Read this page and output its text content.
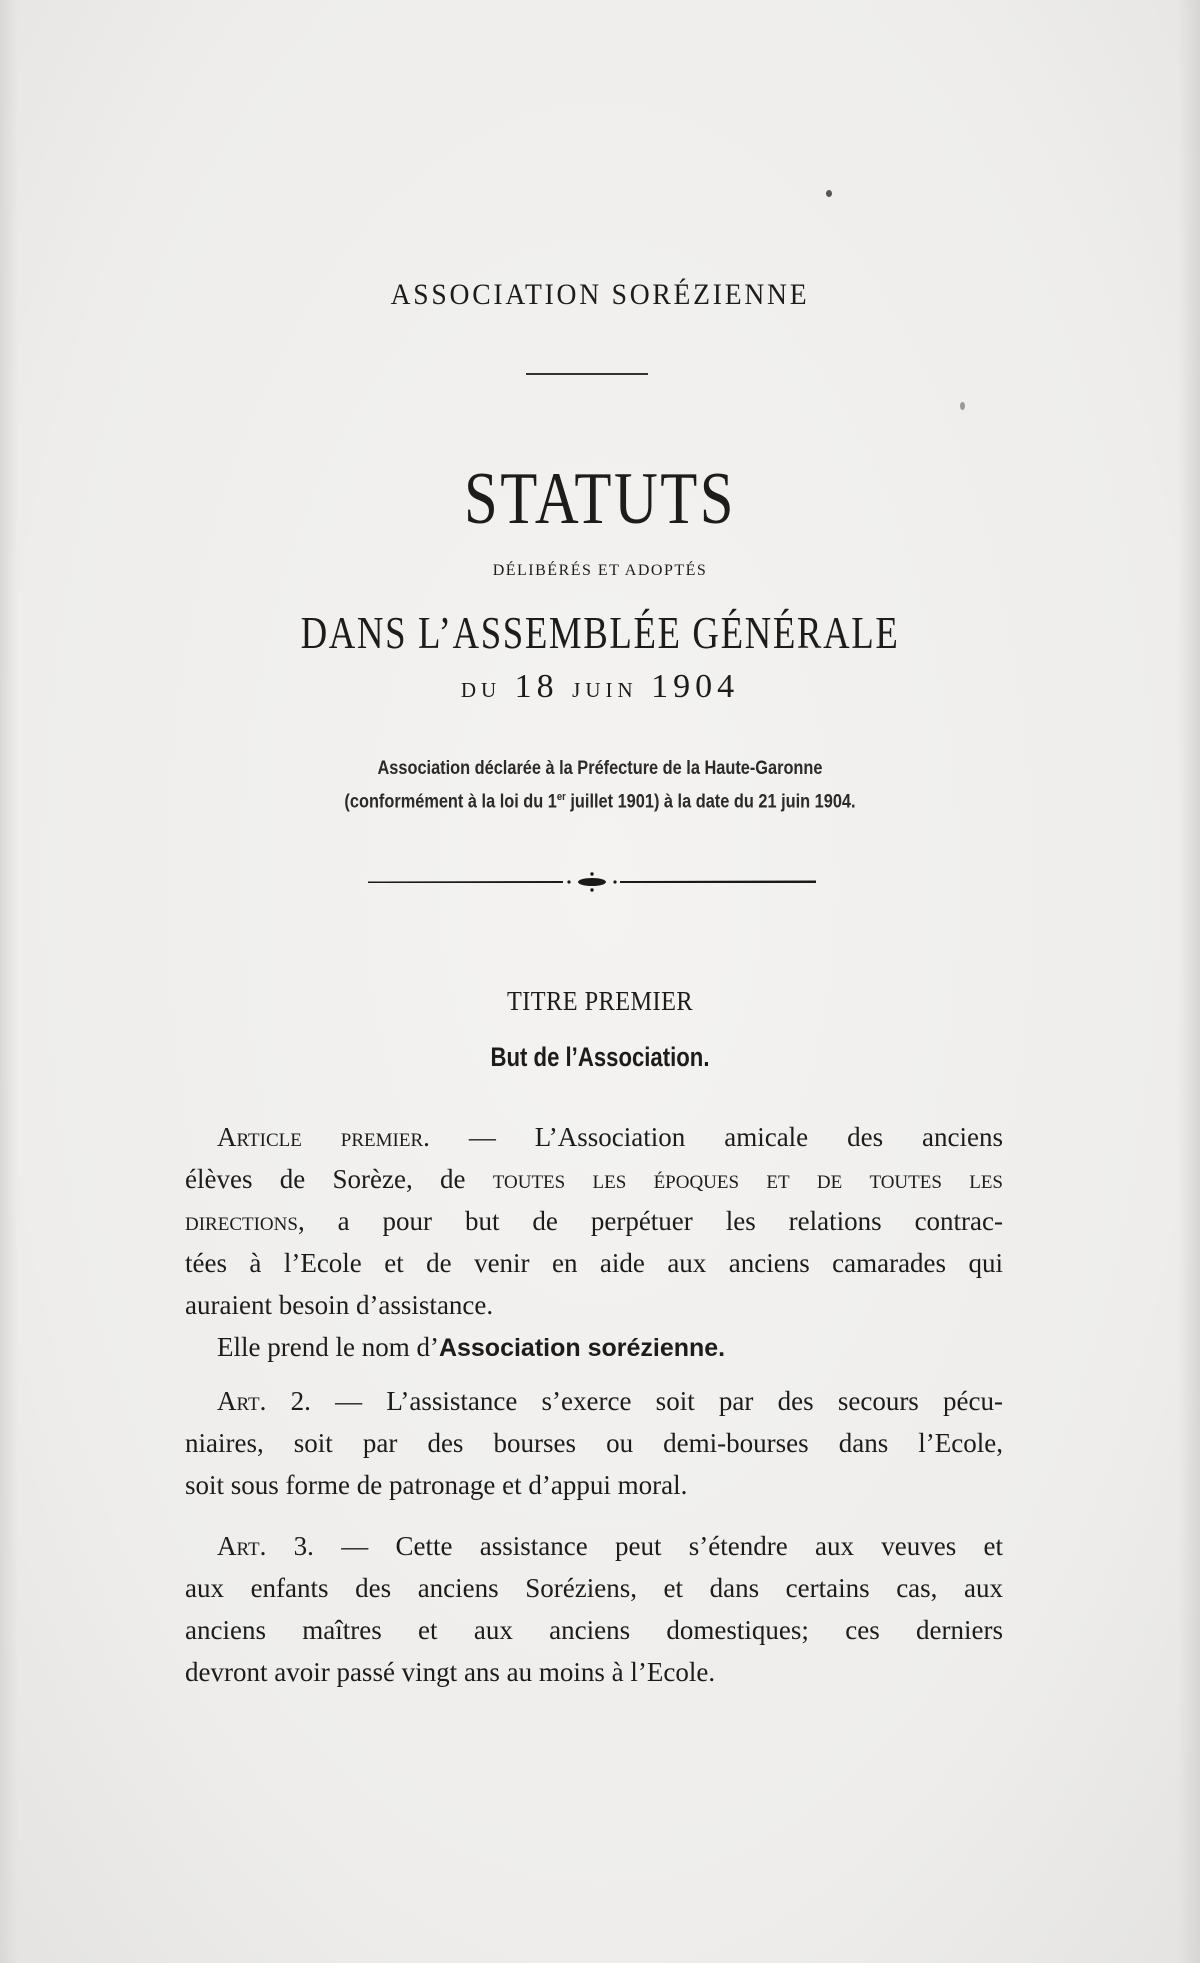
ASSOCIATION SORÉZIENNE
STATUTS
DÉLIBÉRÉS ET ADOPTÉS
DANS L’ASSEMBLÉE GÉNÉRALE
du 18 juin 1904
Association déclarée à la Préfecture de la Haute-Garonne
(conformément à la loi du 1er juillet 1901) à la date du 21 juin 1904.
TITRE PREMIER
But de l’Association.
Article premier. — L’Association amicale des anciens
élèves de Sorèze, de toutes les époques et de toutes les
directions, a pour but de perpétuer les relations contrac-
tées à l’Ecole et de venir en aide aux anciens camarades qui
auraient besoin d’assistance.
Elle prend le nom d’Association sorézienne.
Art. 2. — L’assistance s’exerce soit par des secours pécu-
niaires, soit par des bourses ou demi-bourses dans l’Ecole,
soit sous forme de patronage et d’appui moral.
Art. 3. — Cette assistance peut s’étendre aux veuves et
aux enfants des anciens Soréziens, et dans certains cas, aux
anciens maîtres et aux anciens domestiques; ces derniers
devront avoir passé vingt ans au moins à l’Ecole.
